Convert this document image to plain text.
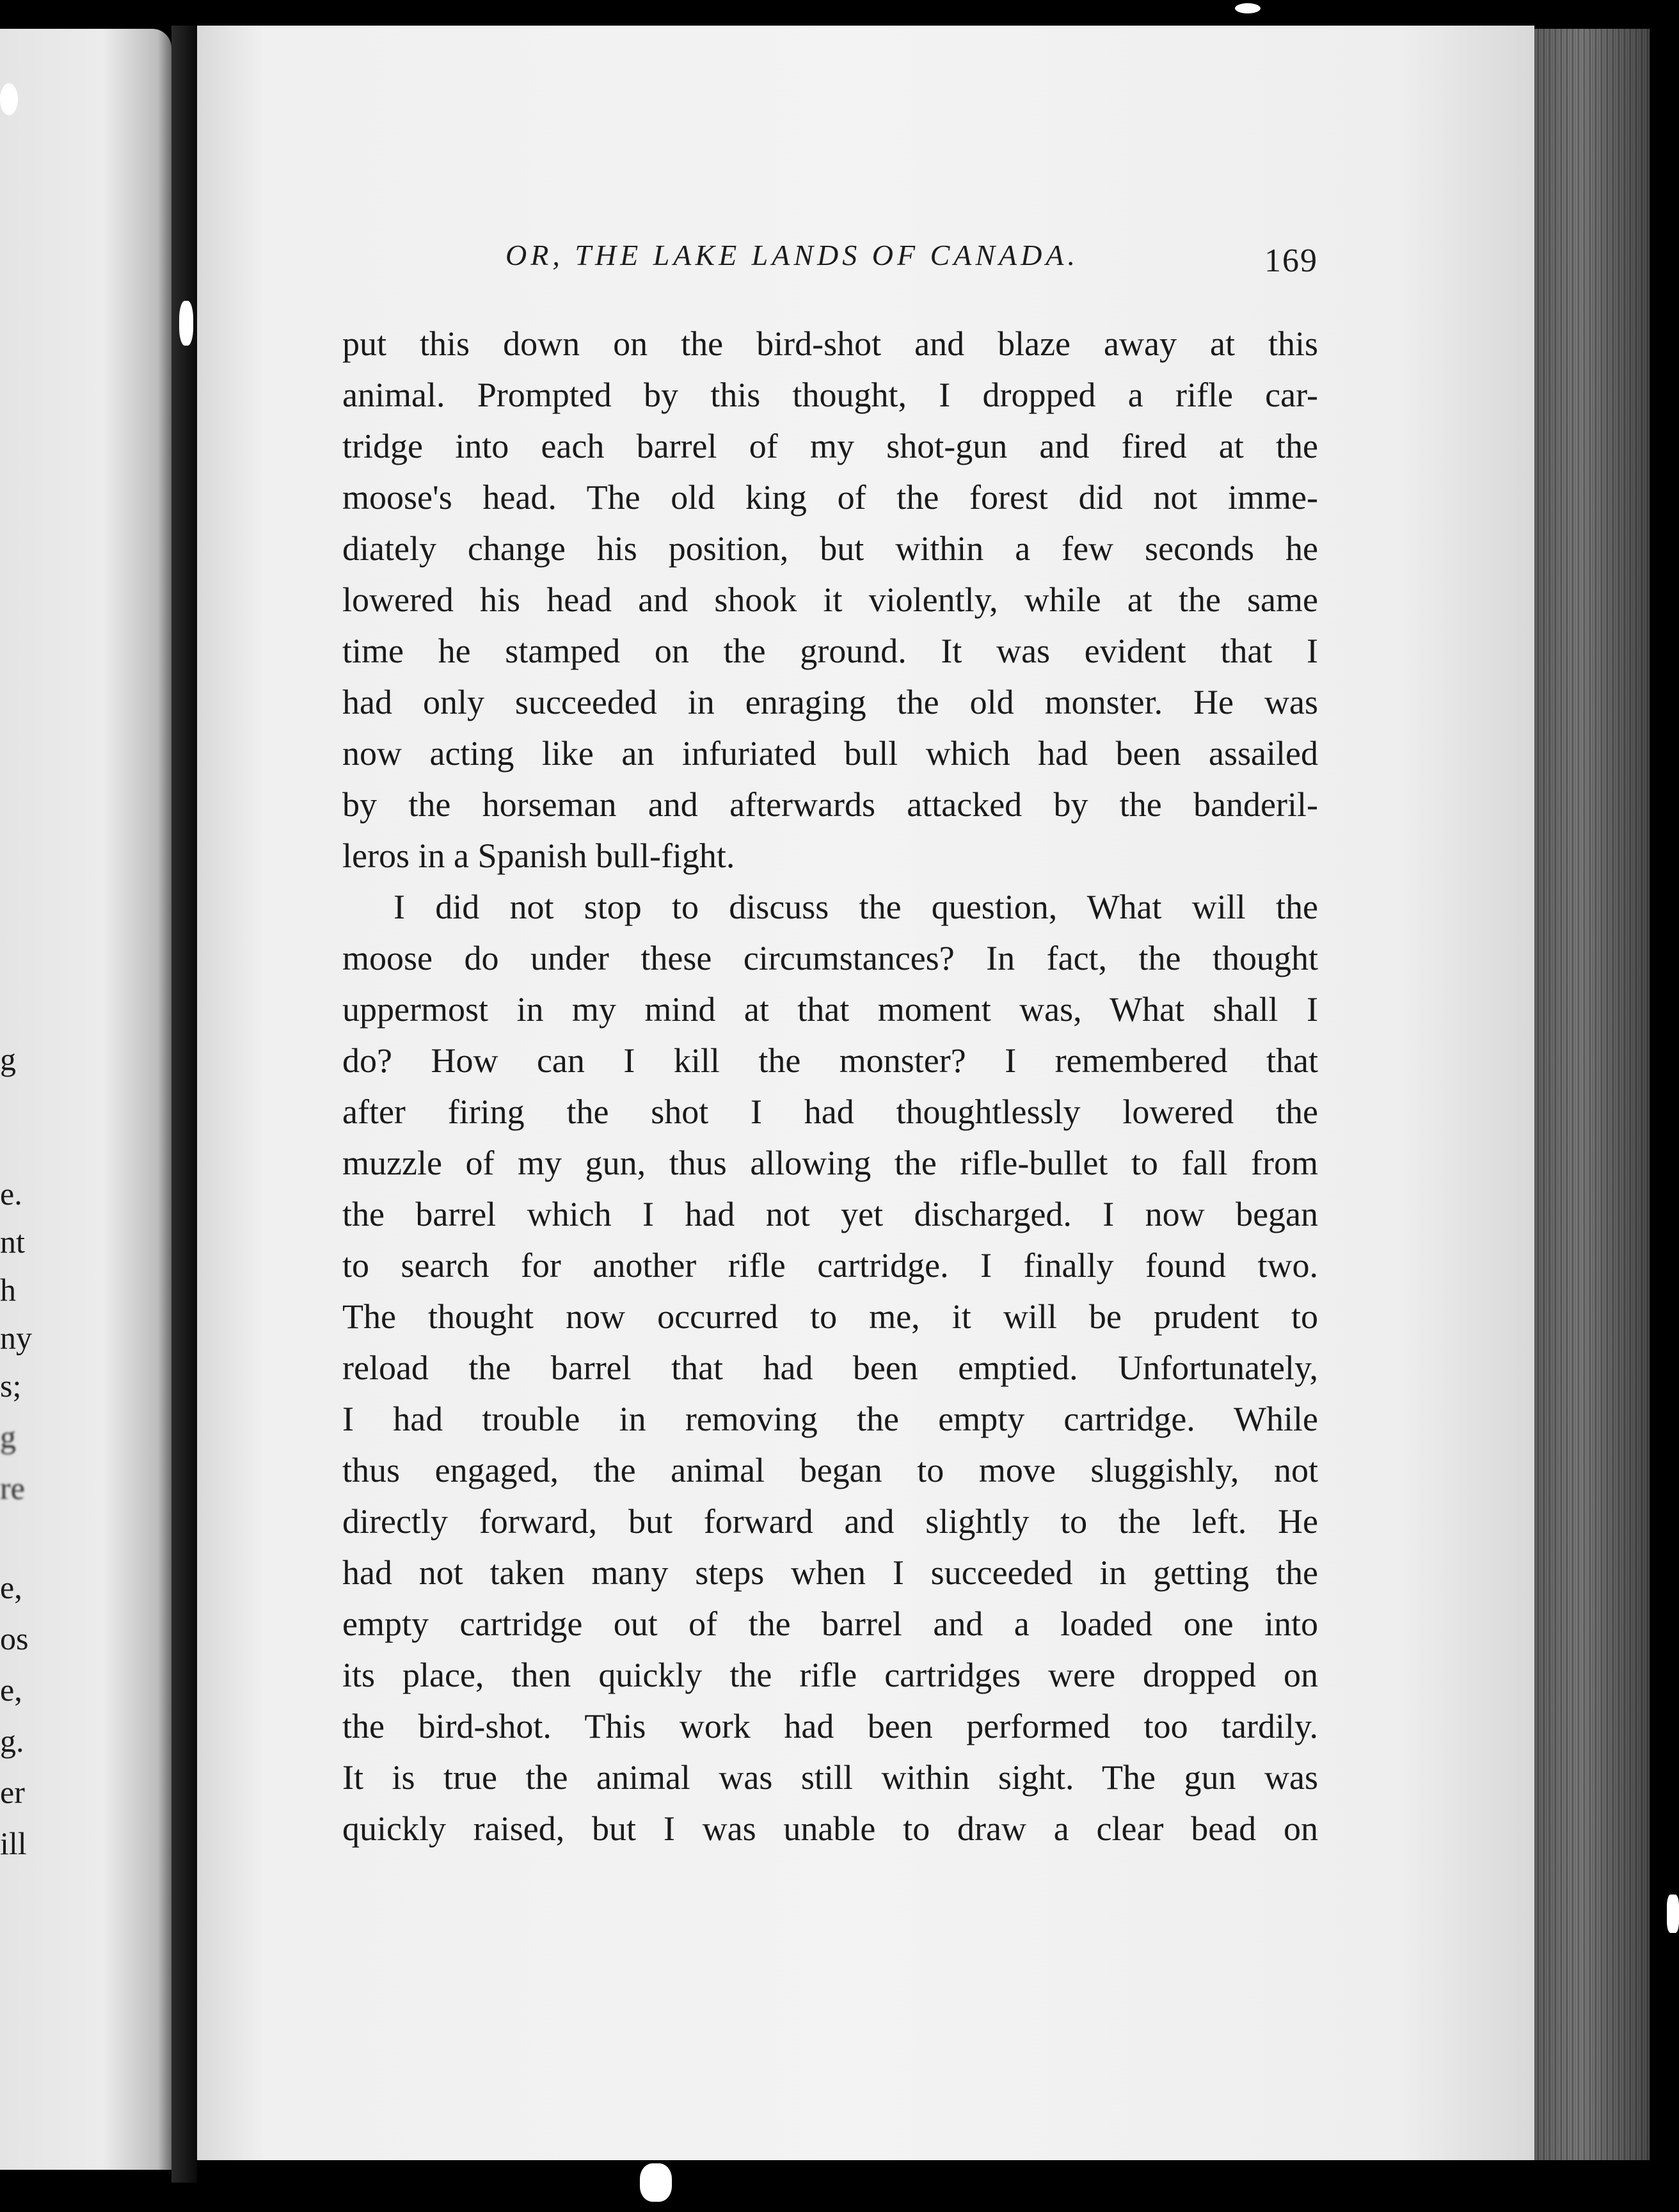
g
e.
nt
h
ny
s;
g
re
e,
os
e,
g.
er
ill
OR, THE LAKE LANDS OF CANADA.	169
put this down on the bird-shot and blaze away at this
animal. Prompted by this thought, I dropped a rifle car-
tridge into each barrel of my shot-gun and fired at the
moose's head. The old king of the forest did not imme-
diately change his position, but within a few seconds he
lowered his head and shook it violently, while at the same
time he stamped on the ground. It was evident that I
had only succeeded in enraging the old monster. He was
now acting like an infuriated bull which had been assailed
by the horseman and afterwards attacked by the banderil-
leros in a Spanish bull-fight.
I did not stop to discuss the question, What will the
moose do under these circumstances? In fact, the thought
uppermost in my mind at that moment was, What shall I
do? How can I kill the monster? I remembered that
after firing the shot I had thoughtlessly lowered the
muzzle of my gun, thus allowing the rifle-bullet to fall from
the barrel which I had not yet discharged. I now began
to search for another rifle cartridge. I finally found two.
The thought now occurred to me, it will be prudent to
reload the barrel that had been emptied. Unfortunately,
I had trouble in removing the empty cartridge. While
thus engaged, the animal began to move sluggishly, not
directly forward, but forward and slightly to the left. He
had not taken many steps when I succeeded in getting the
empty cartridge out of the barrel and a loaded one into
its place, then quickly the rifle cartridges were dropped on
the bird-shot. This work had been performed too tardily.
It is true the animal was still within sight. The gun was
quickly raised, but I was unable to draw a clear bead on
